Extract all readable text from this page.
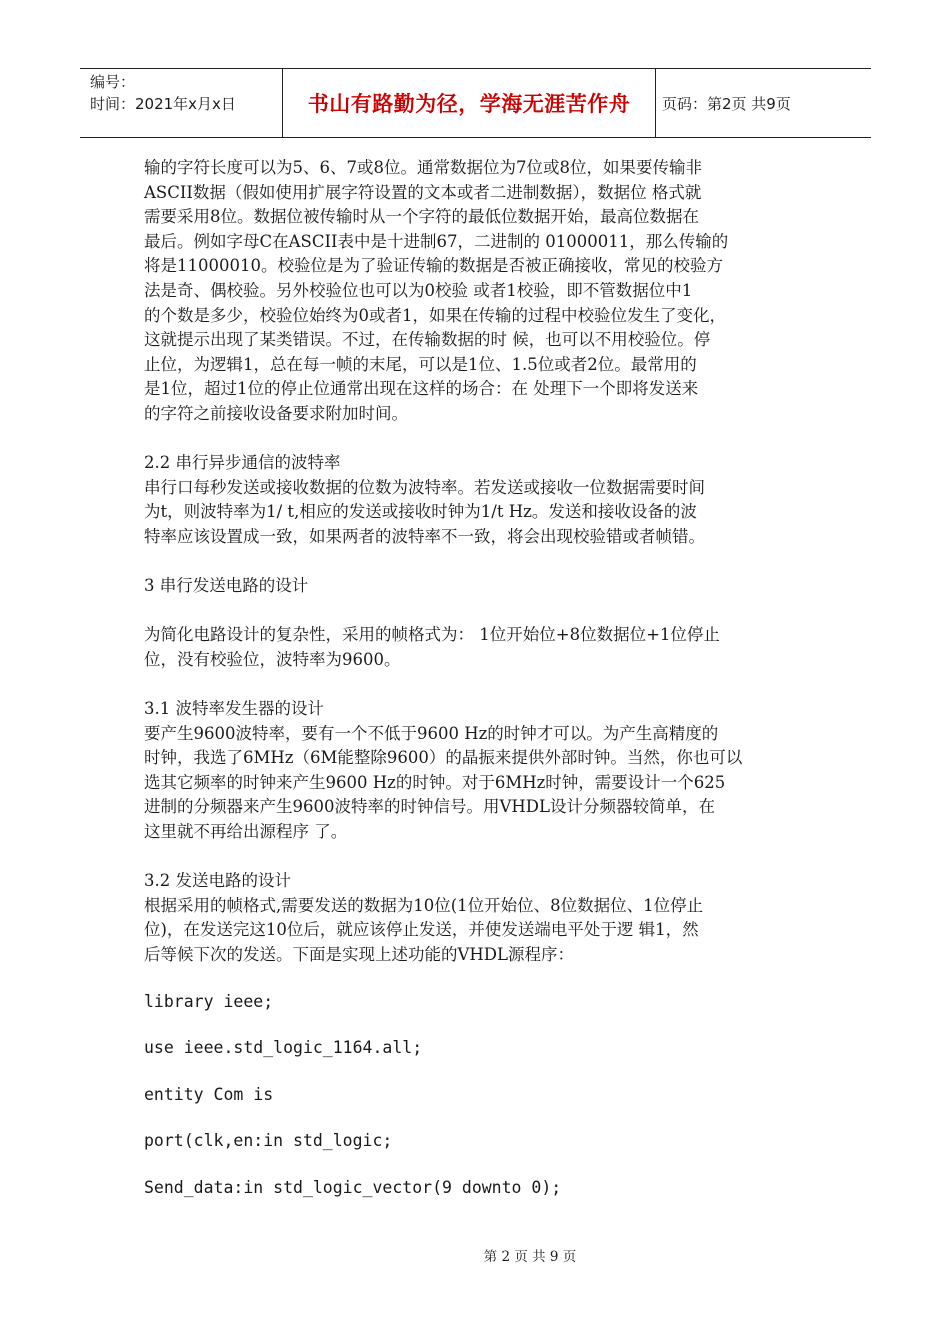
编号：
时间：2021年x月x日	书山有路勤为径，学海无涯苦作舟	页码：第2页 共9页

输的字符长度可以为5、6、7或8位。通常数据位为7位或8位，如果要传输非

ASCII数据（假如使用扩展字符设置的文本或者二进制数据），数据位 格式就

需要采用8位。数据位被传输时从一个字符的最低位数据开始，最高位数据在

最后。例如字母C在ASCII表中是十进制67，二进制的 01000011，那么传输的

将是11000010。校验位是为了验证传输的数据是否被正确接收，常见的校验方

法是奇、偶校验。另外校验位也可以为0校验 或者1校验，即不管数据位中1

的个数是多少，校验位始终为0或者1，如果在传输的过程中校验位发生了变化，

这就提示出现了某类错误。不过，在传输数据的时 候，也可以不用校验位。停

止位，为逻辑1，总在每一帧的末尾，可以是1位、1.5位或者2位。最常用的

是1位，超过1位的停止位通常出现在这样的场合：在 处理下一个即将发送来

的字符之前接收设备要求附加时间。

2.2 串行异步通信的波特率

串行口每秒发送或接收数据的位数为波特率。若发送或接收一位数据需要时间

为t，则波特率为1/ t,相应的发送或接收时钟为1/t Hz。发送和接收设备的波

特率应该设置成一致，如果两者的波特率不一致，将会出现校验错或者帧错。

3 串行发送电路的设计

为简化电路设计的复杂性，采用的帧格式为： 1位开始位+8位数据位+1位停止

位，没有校验位，波特率为9600。

3.1 波特率发生器的设计

要产生9600波特率，要有一个不低于9600 Hz的时钟才可以。为产生高精度的

时钟，我选了6MHz（6M能整除9600）的晶振来提供外部时钟。当然，你也可以

选其它频率的时钟来产生9600 Hz的时钟。对于6MHz时钟，需要设计一个625

进制的分频器来产生9600波特率的时钟信号。用VHDL设计分频器较简单，在

这里就不再给出源程序 了。

3.2 发送电路的设计

根据采用的帧格式,需要发送的数据为10位(1位开始位、8位数据位、1位停止

位)，在发送完这10位后，就应该停止发送，并使发送端电平处于逻 辑1，然

后等候下次的发送。下面是实现上述功能的VHDL源程序：

library ieee;

use ieee.std_logic_1164.all;

entity Com is

port(clk,en:in std_logic;

Send_data:in std_logic_vector(9 downto 0);

第 2 页 共 9 页
